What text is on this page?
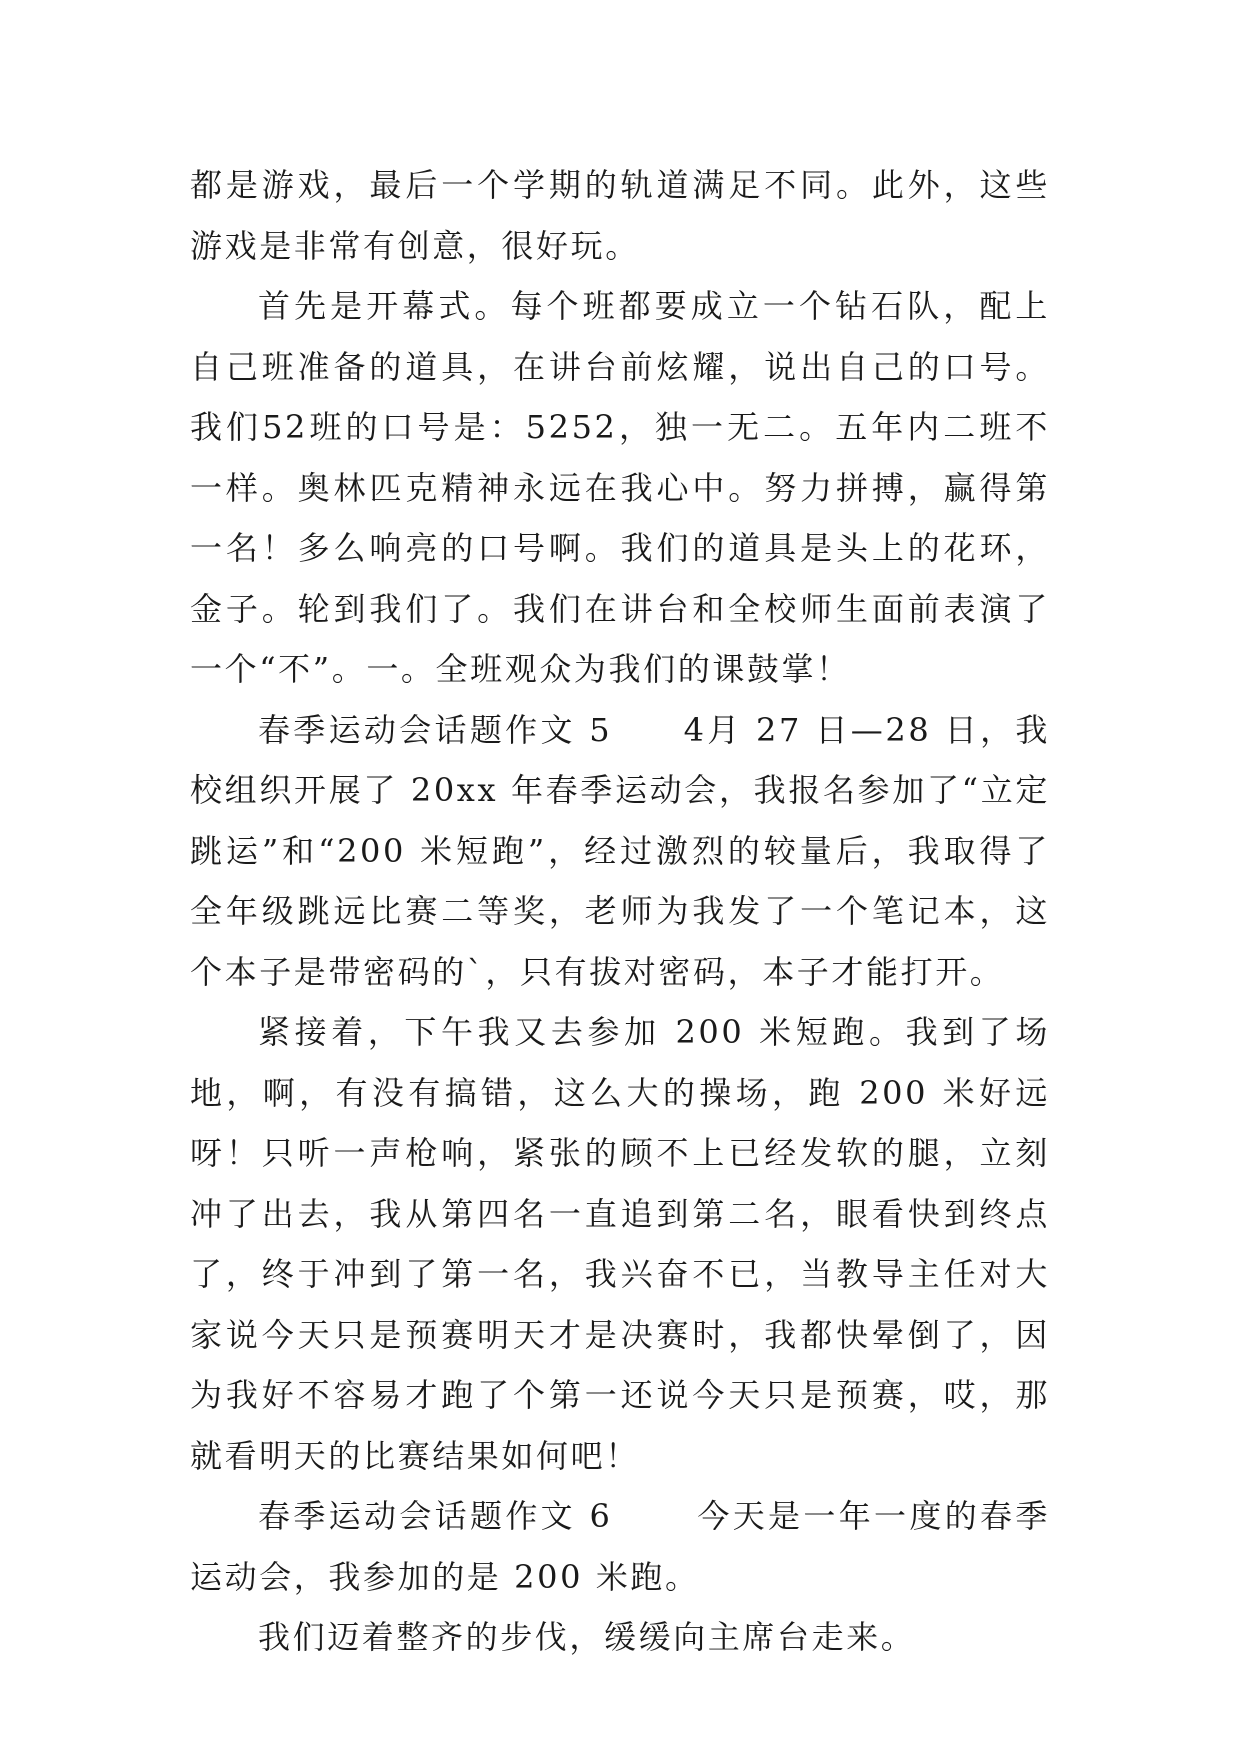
都是游戏，最后一个学期的轨道满足不同。此外，这些游戏是非常有创意，很好玩。

首先是开幕式。每个班都要成立一个钻石队，配上自己班准备的道具，在讲台前炫耀，说出自己的口号。我们52班的口号是：5252，独一无二。五年内二班不一样。奥林匹克精神永远在我心中。努力拼搏，赢得第一名！多么响亮的口号啊。我们的道具是头上的花环，金子。轮到我们了。我们在讲台和全校师生面前表演了一个“不”。一。全班观众为我们的课鼓掌！

春季运动会话题作文 5　　4月 27 日—28 日，我校组织开展了 20xx 年春季运动会，我报名参加了“立定跳运”和“200 米短跑”，经过激烈的较量后，我取得了全年级跳远比赛二等奖，老师为我发了一个笔记本，这个本子是带密码的`，只有拔对密码，本子才能打开。

紧接着，下午我又去参加 200 米短跑。我到了场地，啊，有没有搞错，这么大的操场，跑 200 米好远呀！只听一声枪响，紧张的顾不上已经发软的腿，立刻冲了出去，我从第四名一直追到第二名，眼看快到终点了，终于冲到了第一名，我兴奋不已，当教导主任对大家说今天只是预赛明天才是决赛时，我都快晕倒了，因为我好不容易才跑了个第一还说今天只是预赛，哎，那就看明天的比赛结果如何吧！

春季运动会话题作文 6　　 今天是一年一度的春季运动会，我参加的是 200 米跑。

我们迈着整齐的步伐，缓缓向主席台走来。
